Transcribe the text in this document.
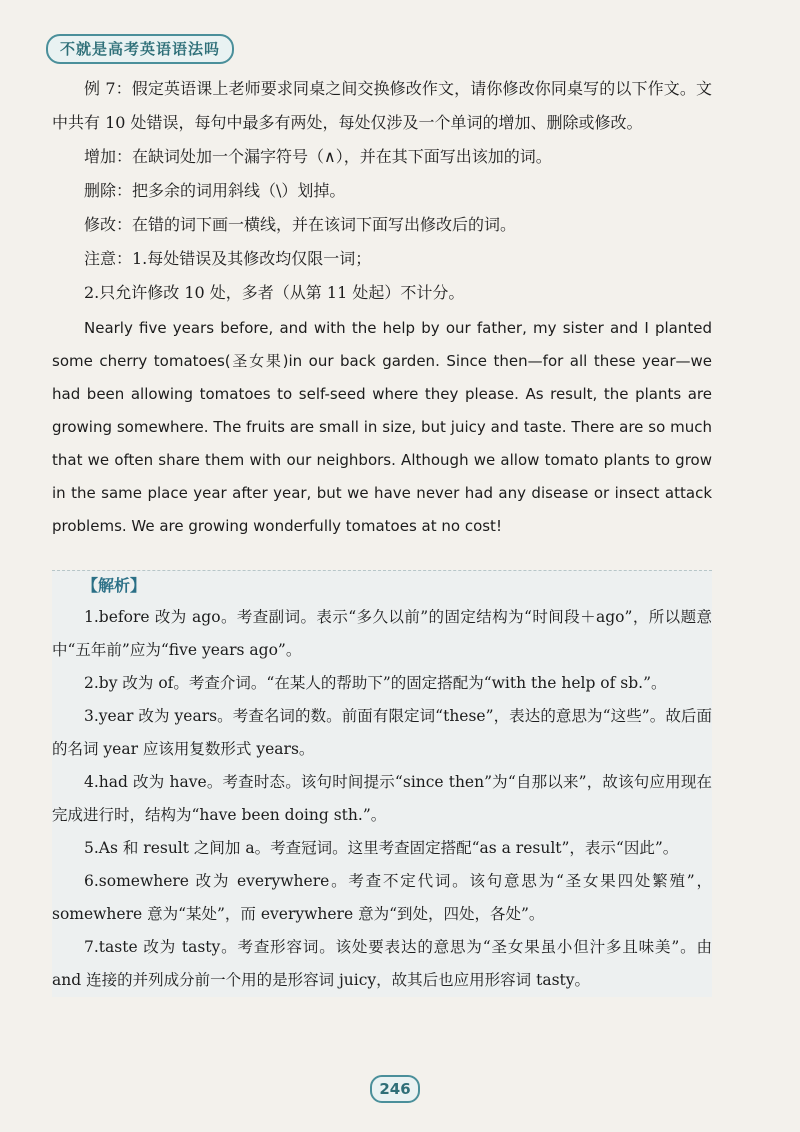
不就是高考英语语法吗

例 7：假定英语课上老师要求同桌之间交换修改作文，请你修改你同桌写的以下作文。文中共有 10 处错误，每句中最多有两处，每处仅涉及一个单词的增加、删除或修改。

增加：在缺词处加一个漏字符号（∧），并在其下面写出该加的词。

删除：把多余的词用斜线（\）划掉。

修改：在错的词下画一横线，并在该词下面写出修改后的词。

注意：1.每处错误及其修改均仅限一词；

2.只允许修改 10 处，多者（从第 11 处起）不计分。

Nearly five years before, and with the help by our father, my sister and I planted some cherry tomatoes(圣女果)in our back garden. Since then—for all these year—we had been allowing tomatoes to self-seed where they please. As result, the plants are growing somewhere. The fruits are small in size, but juicy and taste. There are so much that we often share them with our neighbors. Although we allow tomato plants to grow in the same place year after year, but we have never had any disease or insect attack problems. We are growing wonderfully tomatoes at no cost!

【解析】

1.before 改为 ago。考查副词。表示“多久以前”的固定结构为“时间段＋ago”，所以题意中“五年前”应为“five years ago”。

2.by 改为 of。考查介词。“在某人的帮助下”的固定搭配为“with the help of sb.”。

3.year 改为 years。考查名词的数。前面有限定词“these”，表达的意思为“这些”。故后面的名词 year 应该用复数形式 years。

4.had 改为 have。考查时态。该句时间提示“since then”为“自那以来”，故该句应用现在完成进行时，结构为“have been doing sth.”。

5.As 和 result 之间加 a。考查冠词。这里考查固定搭配“as a result”，表示“因此”。

6.somewhere 改为 everywhere。考查不定代词。该句意思为“圣女果四处繁殖”，somewhere 意为“某处”，而 everywhere 意为“到处，四处，各处”。

7.taste 改为 tasty。考查形容词。该处要表达的意思为“圣女果虽小但汁多且味美”。由 and 连接的并列成分前一个用的是形容词 juicy，故其后也应用形容词 tasty。

246
